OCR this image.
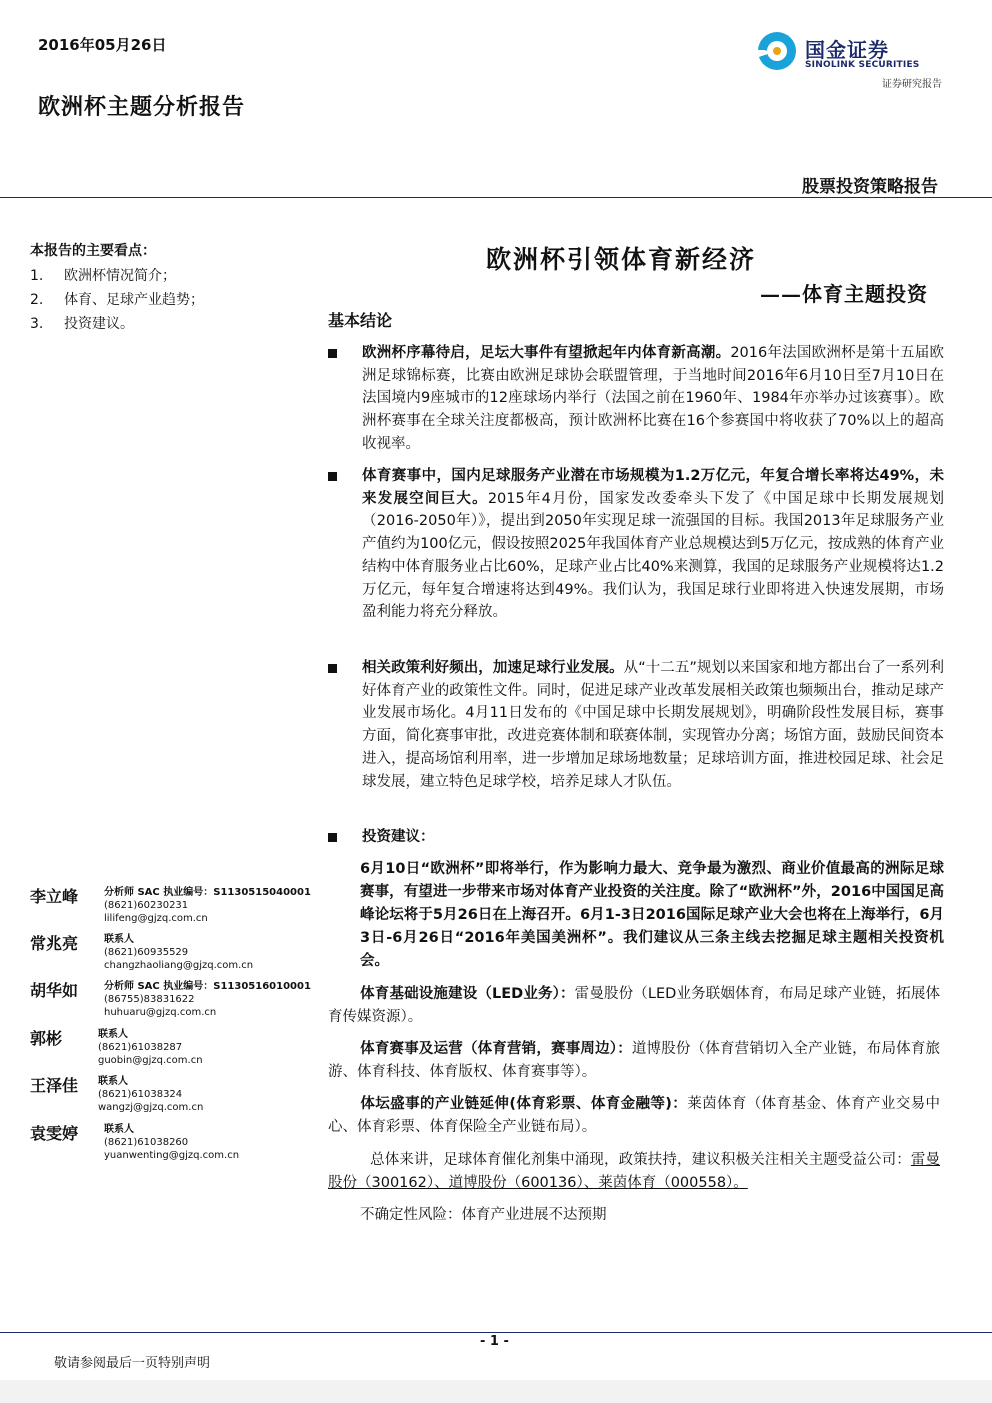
2016年05月26日
欧洲杯主题分析报告
国金证券
SINOLINK SECURITIES
证券研究报告
股票投资策略报告
本报告的主要看点：
1.	欧洲杯情况简介；
2.	体育、足球产业趋势；
3.	投资建议。
欧洲杯引领体育新经济
——体育主题投资
基本结论
欧洲杯序幕待启，足坛大事件有望掀起年内体育新高潮。2016年法国欧洲杯是第十五届欧洲足球锦标赛，比赛由欧洲足球协会联盟管理，于当地时间2016年6月10日至7月10日在法国境内9座城市的12座球场内举行（法国之前在1960年、1984年亦举办过该赛事）。欧洲杯赛事在全球关注度都极高，预计欧洲杯比赛在16个参赛国中将收获了70%以上的超高收视率。
体育赛事中，国内足球服务产业潜在市场规模为1.2万亿元，年复合增长率将达49%，未来发展空间巨大。2015年4月份，国家发改委牵头下发了《中国足球中长期发展规划（2016-2050年）》，提出到2050年实现足球一流强国的目标。我国2013年足球服务产业产值约为100亿元，假设按照2025年我国体育产业总规模达到5万亿元，按成熟的体育产业结构中体育服务业占比60%，足球产业占比40%来测算，我国的足球服务产业规模将达1.2万亿元，每年复合增速将达到49%。我们认为，我国足球行业即将进入快速发展期，市场盈利能力将充分释放。
相关政策利好频出，加速足球行业发展。从“十二五”规划以来国家和地方都出台了一系列利好体育产业的政策性文件。同时，促进足球产业改革发展相关政策也频频出台，推动足球产业发展市场化。4月11日发布的《中国足球中长期发展规划》，明确阶段性发展目标，赛事方面，简化赛事审批，改进竞赛体制和联赛体制，实现管办分离；场馆方面，鼓励民间资本进入，提高场馆利用率，进一步增加足球场地数量；足球培训方面，推进校园足球、社会足球发展，建立特色足球学校，培养足球人才队伍。
投资建议：
6月10日“欧洲杯”即将举行，作为影响力最大、竞争最为激烈、商业价值最高的洲际足球赛事，有望进一步带来市场对体育产业投资的关注度。除了“欧洲杯”外，2016中国国足高峰论坛将于5月26日在上海召开。6月1-3日2016国际足球产业大会也将在上海举行，6月3日-6月26日“2016年美国美洲杯”。我们建议从三条主线去挖掘足球主题相关投资机会。
体育基础设施建设（LED业务）：雷曼股份（LED业务联姻体育，布局足球产业链，拓展体育传媒资源）。
体育赛事及运营（体育营销，赛事周边）：道博股份（体育营销切入全产业链，布局体育旅游、体育科技、体育版权、体育赛事等）。
体坛盛事的产业链延伸(体育彩票、体育金融等)：莱茵体育（体育基金、体育产业交易中心、体育彩票、体育保险全产业链布局）。
总体来讲，足球体育催化剂集中涌现，政策扶持，建议积极关注相关主题受益公司：雷曼股份（300162）、道博股份（600136）、莱茵体育（000558）。
不确定性风险：体育产业进展不达预期
李立峰	分析师 SAC 执业编号：S1130515040001
(8621)60230231
lilifeng@gjzq.com.cn
常兆亮	联系人
(8621)60935529
changzhaoliang@gjzq.com.cn
胡华如	分析师 SAC 执业编号：S1130516010001
(86755)83831622
huhuaru@gjzq.com.cn
郭彬	联系人
(8621)61038287
guobin@gjzq.com.cn
王泽佳 联系人
(8621)61038324
wangzj@gjzq.com.cn
袁雯婷	联系人
(8621)61038260
yuanwenting@gjzq.com.cn
- 1 -
敬请参阅最后一页特别声明
